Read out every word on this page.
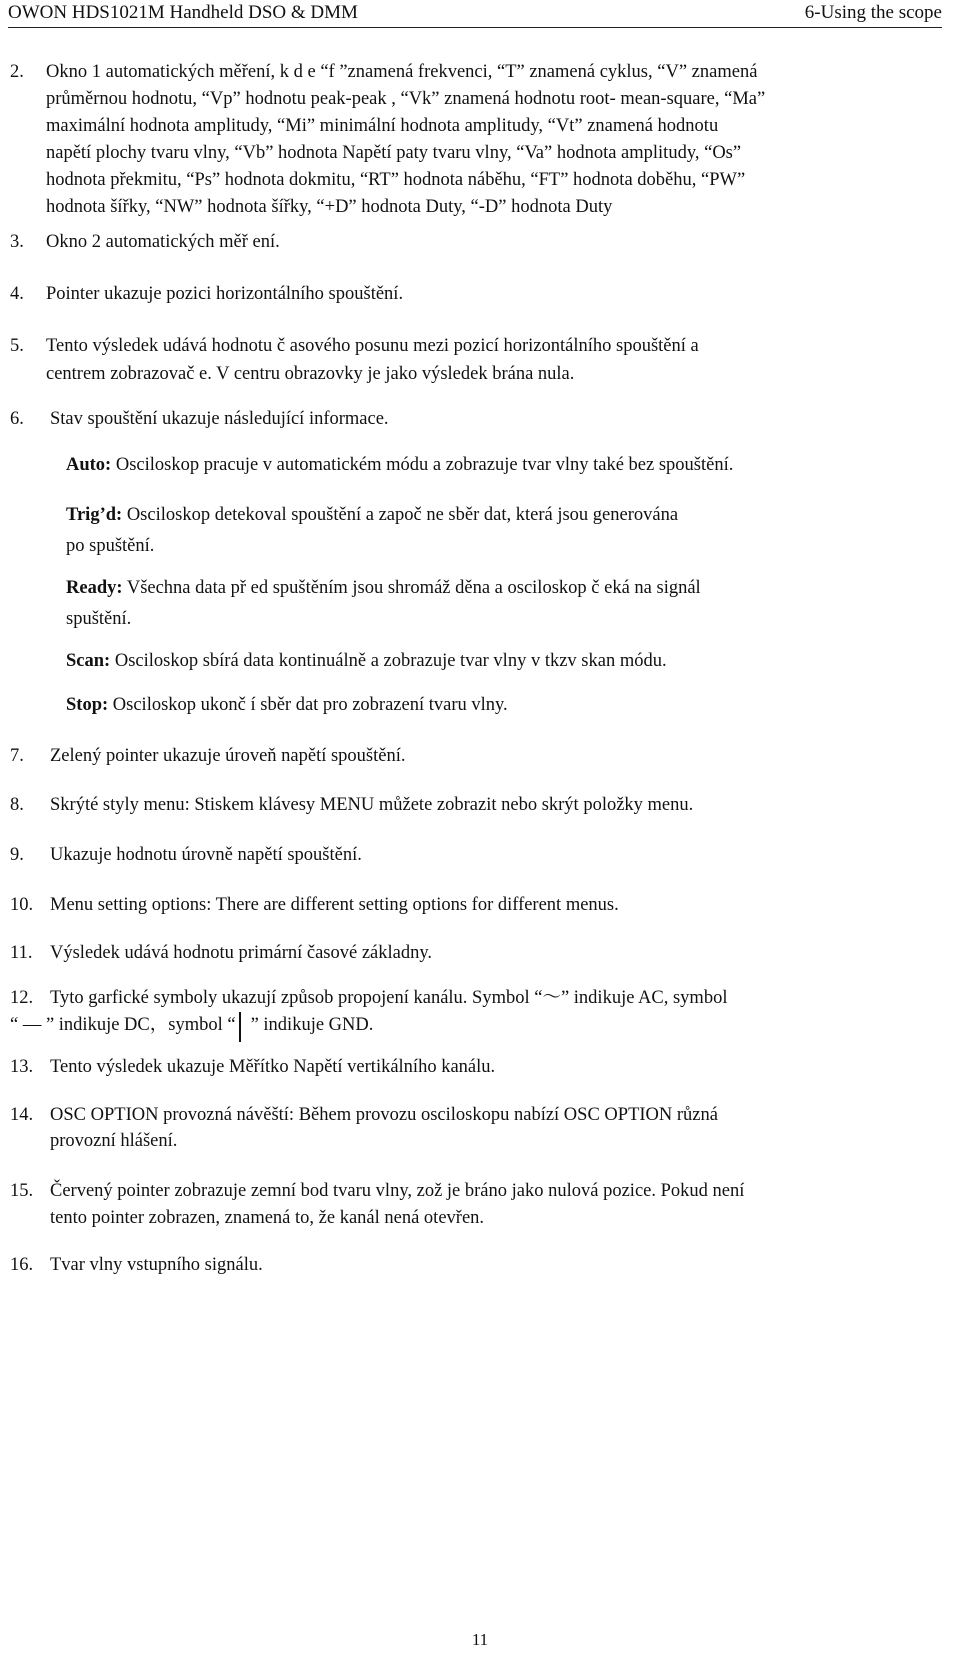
OWON HDS1021M Handheld DSO & DMM	6-Using the scope
2. Okno 1 automatických měření, k d e “f ”znamená frekvenci, “T” znamená cyklus, “V” znamená
průměrnou hodnotu, “Vp” hodnotu peak-peak , “Vk” znamená hodnotu root- mean-square, “Ma”
maximální hodnota amplitudy, “Mi” minimální hodnota amplitudy, “Vt” znamená hodnotu
napětí plochy tvaru vlny, “Vb” hodnota Napětí paty tvaru vlny, “Va” hodnota amplitudy, “Os”
hodnota překmitu, “Ps” hodnota dokmitu, “RT” hodnota náběhu, “FT” hodnota doběhu, “PW”
hodnota šířky, “NW” hodnota šířky, “+D” hodnota Duty, “-D” hodnota Duty
3. Okno 2 automatických měř ení.
4. Pointer ukazuje pozici horizontálního spouštění.
5. Tento výsledek udává hodnotu č asového posunu mezi pozicí horizontálního spouštění a
centrem zobrazovač e. V centru obrazovky je jako výsledek brána nula.
6. Stav spouštění ukazuje následující informace.
Auto: Osciloskop pracuje v automatickém módu a zobrazuje tvar vlny také bez spouštění.
Trig’d: Osciloskop detekoval spouštění a započ ne sběr dat, která jsou generována
po spuštění.
Ready: Všechna data př ed spuštěním jsou shromáž děna a osciloskop č eká na signál
spuštění.
Scan: Osciloskop sbírá data kontinuálně a zobrazuje tvar vlny v tkzv skan módu.
Stop: Osciloskop ukonč í sběr dat pro zobrazení tvaru vlny.
7. Zelený pointer ukazuje úroveň napětí spouštění.
8. Skrýté styly menu: Stiskem klávesy MENU můžete zobrazit nebo skrýt položky menu.
9. Ukazuje hodnotu úrovně napětí spouštění.
10. Menu setting options: There are different setting options for different menus.
11. Výsledek udává hodnotu primární časové základny.
12. Tyto garfické symboly ukazují způsob propojení kanálu. Symbol “～” indikuje AC, symbol
“ — ” indikuje DC，symbol “ ” indikuje GND.
13. Tento výsledek ukazuje Měřítko Napětí vertikálního kanálu.
14. OSC OPTION provozná návěští: Během provozu osciloskopu nabízí OSC OPTION různá
provozní hlášení.
15. Červený pointer zobrazuje zemní bod tvaru vlny, zož je bráno jako nulová pozice. Pokud není
tento pointer zobrazen, znamená to, že kanál nená otevřen.
16. Tvar vlny vstupního signálu.
11
